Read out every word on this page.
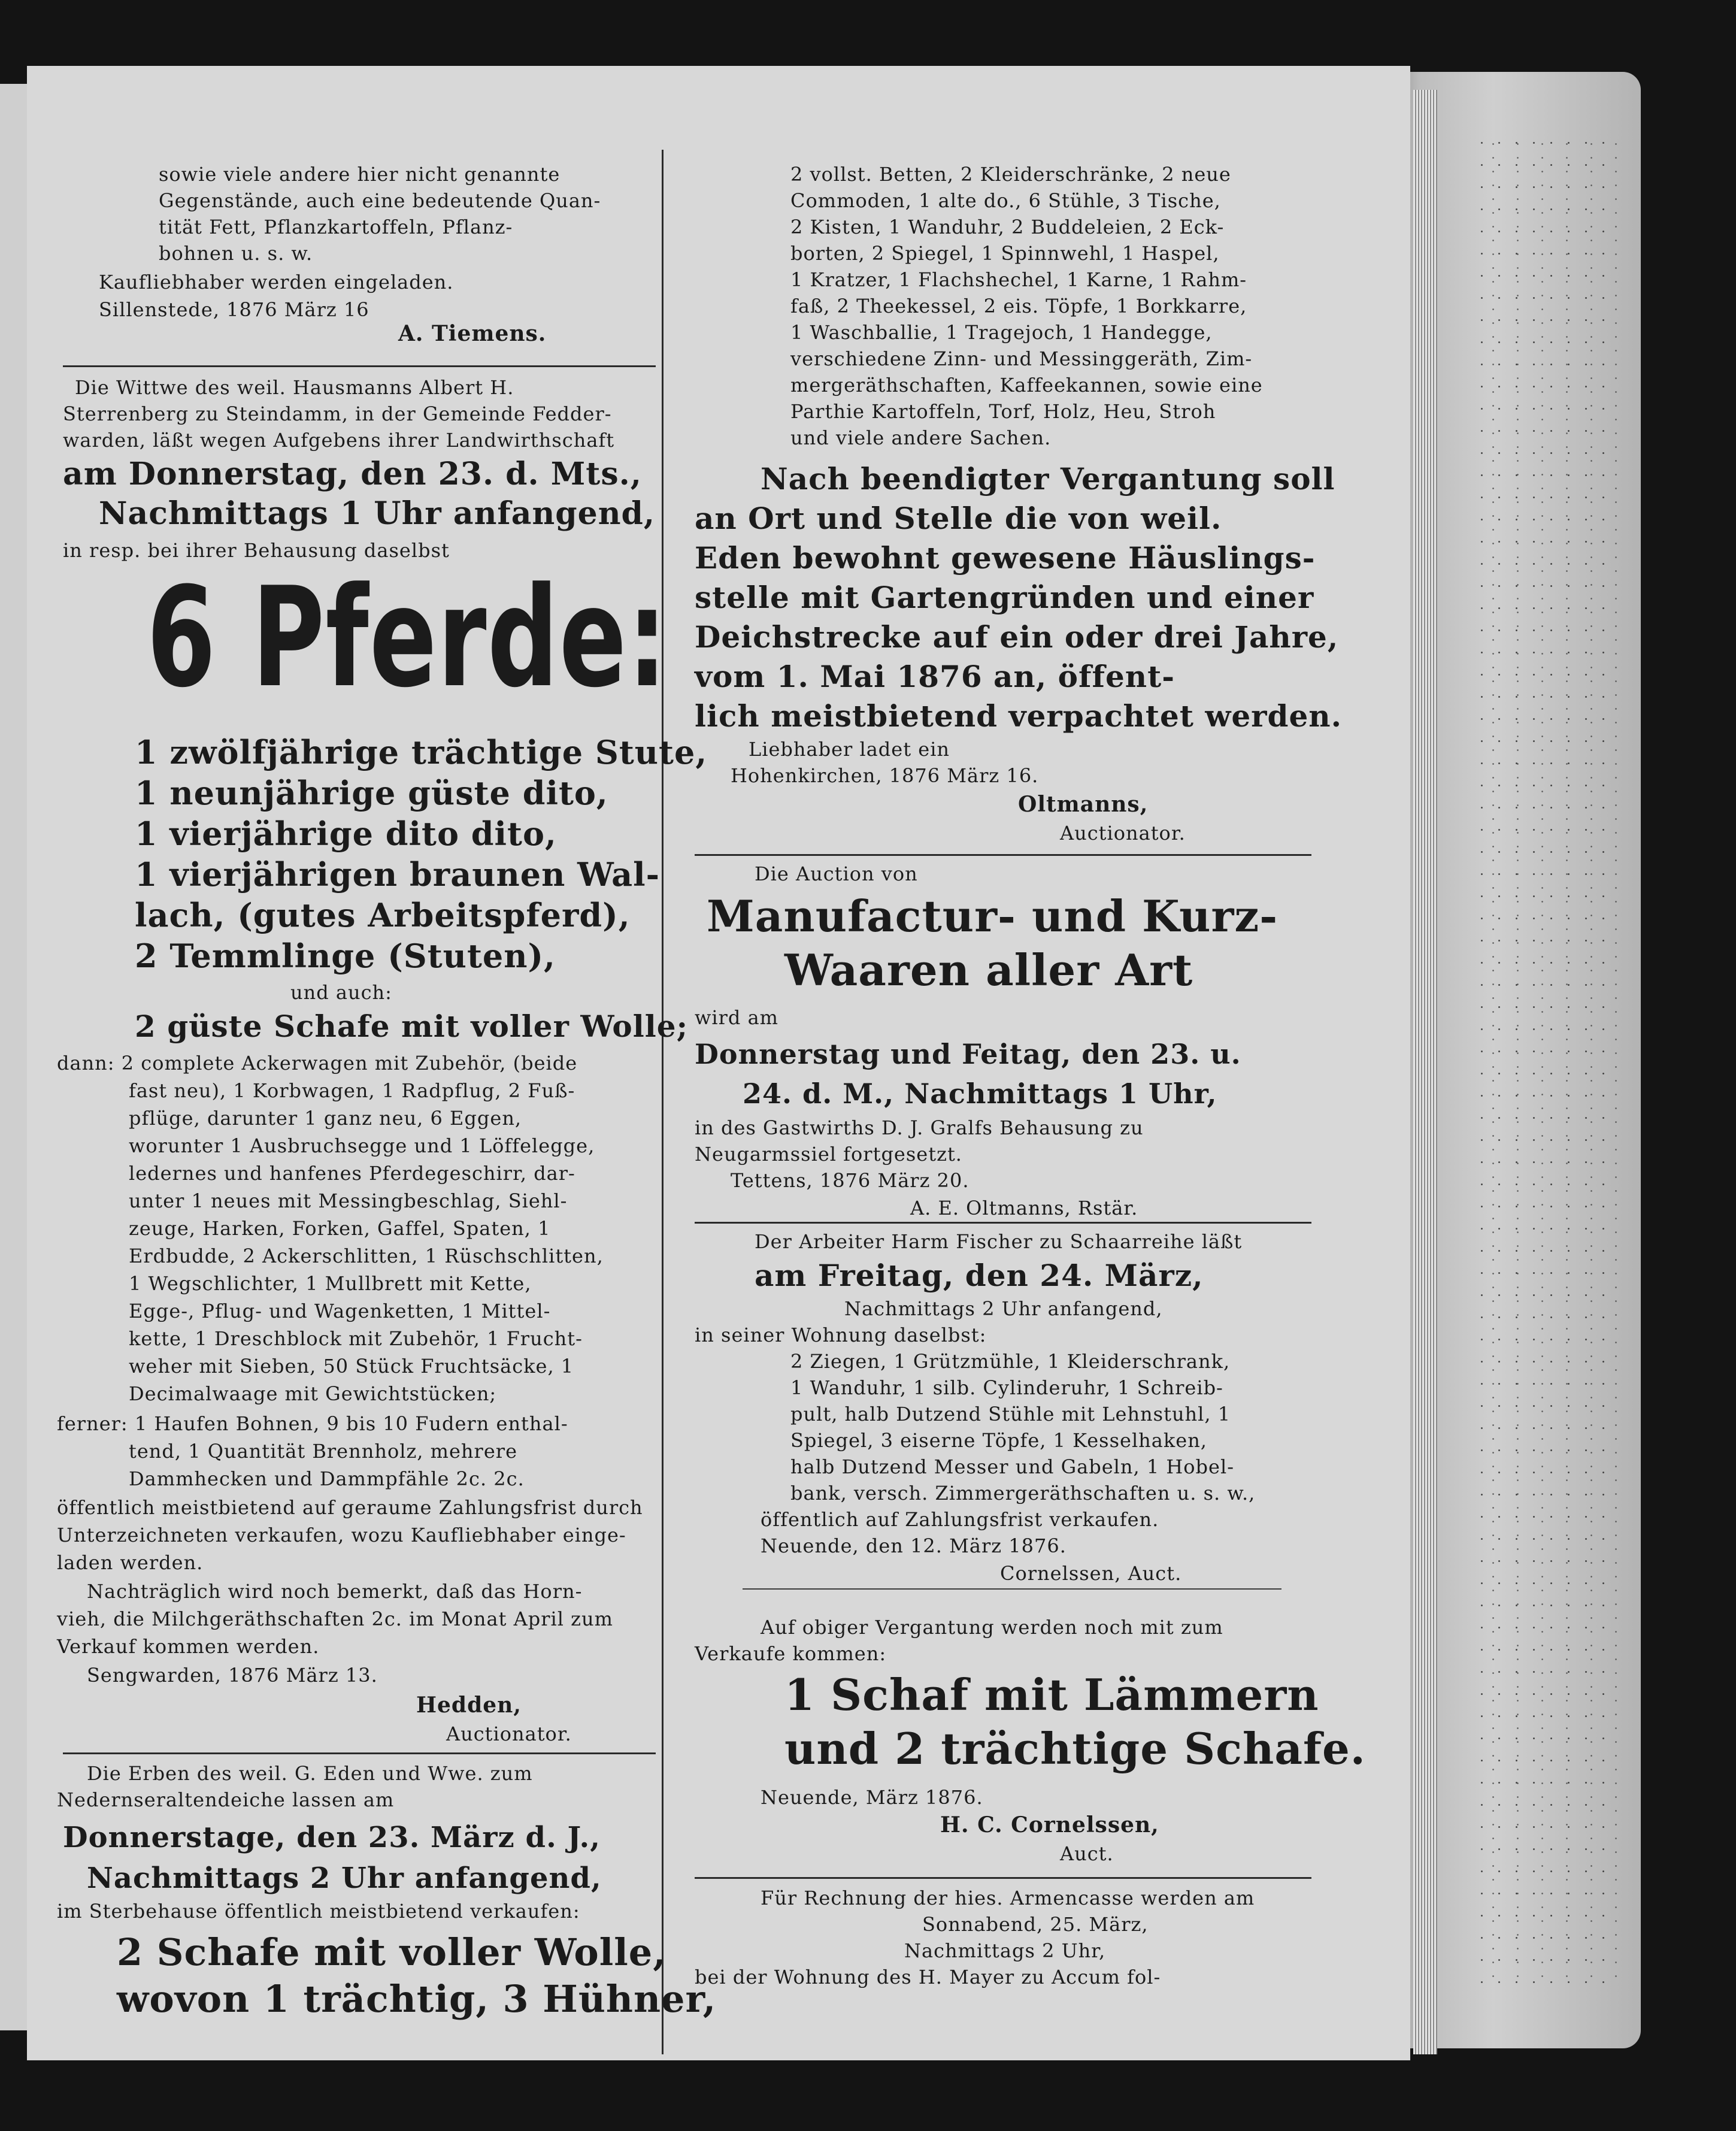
sowie viele andere hier nicht genannte
Gegenstände, auch eine bedeutende Quan-
tität Fett, Pflanzkartoffeln, Pflanz-
bohnen u. s. w.
Kaufliebhaber werden eingeladen.
Sillenstede, 1876 März 16
A. Tiemens.
Die Wittwe des weil. Hausmanns Albert H.
Sterrenberg zu Steindamm, in der Gemeinde Fedder-
warden, läßt wegen Aufgebens ihrer Landwirthschaft
am Donnerstag, den 23. d. Mts.,
Nachmittags 1 Uhr anfangend,
in resp. bei ihrer Behausung daselbst
6 Pferde:
1 zwölfjährige trächtige Stute,
1 neunjährige güste dito,
1 vierjährige dito dito,
1 vierjährigen braunen Wal-
lach, (gutes Arbeitspferd),
2 Temmlinge (Stuten),
und auch:
2 güste Schafe mit voller Wolle;
dann: 2 complete Ackerwagen mit Zubehör, (beide
fast neu), 1 Korbwagen, 1 Radpflug, 2 Fuß-
pflüge, darunter 1 ganz neu, 6 Eggen,
worunter 1 Ausbruchsegge und 1 Löffelegge,
ledernes und hanfenes Pferdegeschirr, dar-
unter 1 neues mit Messingbeschlag, Siehl-
zeuge, Harken, Forken, Gaffel, Spaten, 1
Erdbudde, 2 Ackerschlitten, 1 Rüschschlitten,
1 Wegschlichter, 1 Mullbrett mit Kette,
Egge-, Pflug- und Wagenketten, 1 Mittel-
kette, 1 Dreschblock mit Zubehör, 1 Frucht-
weher mit Sieben, 50 Stück Fruchtsäcke, 1
Decimalwaage mit Gewichtstücken;
ferner: 1 Haufen Bohnen, 9 bis 10 Fudern enthal-
tend, 1 Quantität Brennholz, mehrere
Dammhecken und Dammpfähle 2c. 2c.
öffentlich meistbietend auf geraume Zahlungsfrist durch
Unterzeichneten verkaufen, wozu Kaufliebhaber einge-
laden werden.
Nachträglich wird noch bemerkt, daß das Horn-
vieh, die Milchgeräthschaften 2c. im Monat April zum
Verkauf kommen werden.
Sengwarden, 1876 März 13.
Hedden,
Auctionator.
Die Erben des weil. G. Eden und Wwe. zum
Nedernseraltendeiche lassen am
Donnerstage, den 23. März d. J.,
Nachmittags 2 Uhr anfangend,
im Sterbehause öffentlich meistbietend verkaufen:
2 Schafe mit voller Wolle,
wovon 1 trächtig, 3 Hühner,
2 vollst. Betten, 2 Kleiderschränke, 2 neue
Commoden, 1 alte do., 6 Stühle, 3 Tische,
2 Kisten, 1 Wanduhr, 2 Buddeleien, 2 Eck-
borten, 2 Spiegel, 1 Spinnwehl, 1 Haspel,
1 Kratzer, 1 Flachshechel, 1 Karne, 1 Rahm-
faß, 2 Theekessel, 2 eis. Töpfe, 1 Borkkarre,
1 Waschballie, 1 Tragejoch, 1 Handegge,
verschiedene Zinn- und Messinggeräth, Zim-
mergeräthschaften, Kaffeekannen, sowie eine
Parthie Kartoffeln, Torf, Holz, Heu, Stroh
und viele andere Sachen.
Nach beendigter Vergantung soll
an Ort und Stelle die von weil.
Eden bewohnt gewesene Häuslings-
stelle mit Gartengründen und einer
Deichstrecke auf ein oder drei Jahre,
vom 1. Mai 1876 an, öffent-
lich meistbietend verpachtet werden.
Liebhaber ladet ein
Hohenkirchen, 1876 März 16.
Oltmanns,
Auctionator.
Die Auction von
Manufactur- und Kurz-
Waaren aller Art
wird am
Donnerstag und Feitag, den 23. u.
24. d. M., Nachmittags 1 Uhr,
in des Gastwirths D. J. Gralfs Behausung zu
Neugarmssiel fortgesetzt.
Tettens, 1876 März 20.
A. E. Oltmanns, Rstär.
Der Arbeiter Harm Fischer zu Schaarreihe läßt
am Freitag, den 24. März,
Nachmittags 2 Uhr anfangend,
in seiner Wohnung daselbst:
2 Ziegen, 1 Grützmühle, 1 Kleiderschrank,
1 Wanduhr, 1 silb. Cylinderuhr, 1 Schreib-
pult, halb Dutzend Stühle mit Lehnstuhl, 1
Spiegel, 3 eiserne Töpfe, 1 Kesselhaken,
halb Dutzend Messer und Gabeln, 1 Hobel-
bank, versch. Zimmergeräthschaften u. s. w.,
öffentlich auf Zahlungsfrist verkaufen.
Neuende, den 12. März 1876.
Cornelssen, Auct.
Auf obiger Vergantung werden noch mit zum
Verkaufe kommen:
1 Schaf mit Lämmern
und 2 trächtige Schafe.
Neuende, März 1876.
H. C. Cornelssen,
Auct.
Für Rechnung der hies. Armencasse werden am
Sonnabend, 25. März,
Nachmittags 2 Uhr,
bei der Wohnung des H. Mayer zu Accum fol-
